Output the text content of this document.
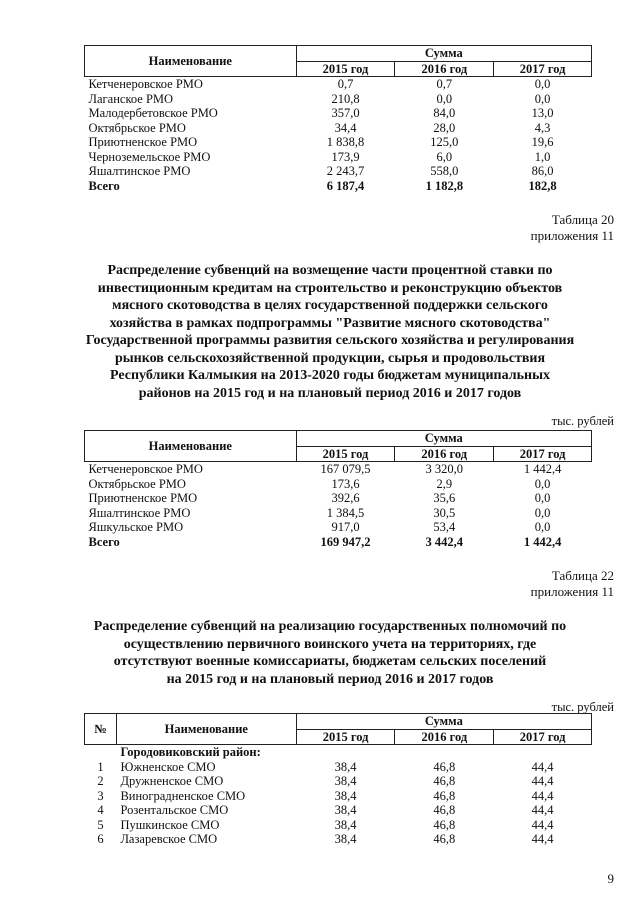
Наименование	Сумма		
	2015 год	2016 год	2017 год
Кетченеровское РМО	0,7	0,7	0,0
Лаганское РМО	210,8	0,0	0,0
Малодербетовское РМО	357,0	84,0	13,0
Октябрьское РМО	34,4	28,0	4,3
Приютненское РМО	1 838,8	125,0	19,6
Черноземельское РМО	173,9	6,0	1,0
Яшалтинское РМО	2 243,7	558,0	86,0
Всего	6 187,4	1 182,8	182,8
Таблица 20
приложения 11
Распределение субвенций на возмещение части процентной ставки по
инвестиционным кредитам на строительство и реконструкцию объектов
мясного скотоводства в целях государственной поддержки сельского
хозяйства в рамках подпрограммы "Развитие мясного скотоводства"
Государственной программы развития сельского хозяйства и регулирования
рынков сельскохозяйственной продукции, сырья и продовольствия
Республики Калмыкия на 2013-2020 годы бюджетам муниципальных
районов на 2015 год и на плановый период 2016 и 2017 годов
тыс. рублей
Наименование	Сумма		
	2015 год	2016 год	2017 год
Кетченеровское РМО	167 079,5	3 320,0	1 442,4
Октябрьское РМО	173,6	2,9	0,0
Приютненское РМО	392,6	35,6	0,0
Яшалтинское РМО	1 384,5	30,5	0,0
Яшкульское РМО	917,0	53,4	0,0
Всего	169 947,2	3 442,4	1 442,4
Таблица 22
приложения 11
Распределение субвенций на реализацию государственных полномочий по
осуществлению первичного воинского учета на территориях, где
отсутствуют военные комиссариаты, бюджетам сельских поселений
на 2015 год и на плановый период 2016 и 2017 годов
тыс. рублей
№	Наименование	Сумма		
		2015 год	2016 год	2017 год
	Городовиковский район:			
1	Южненское СМО	38,4	46,8	44,4
2	Дружненское СМО	38,4	46,8	44,4
3	Виноградненское СМО	38,4	46,8	44,4
4	Розентальское СМО	38,4	46,8	44,4
5	Пушкинское СМО	38,4	46,8	44,4
6	Лазаревское СМО	38,4	46,8	44,4
9
